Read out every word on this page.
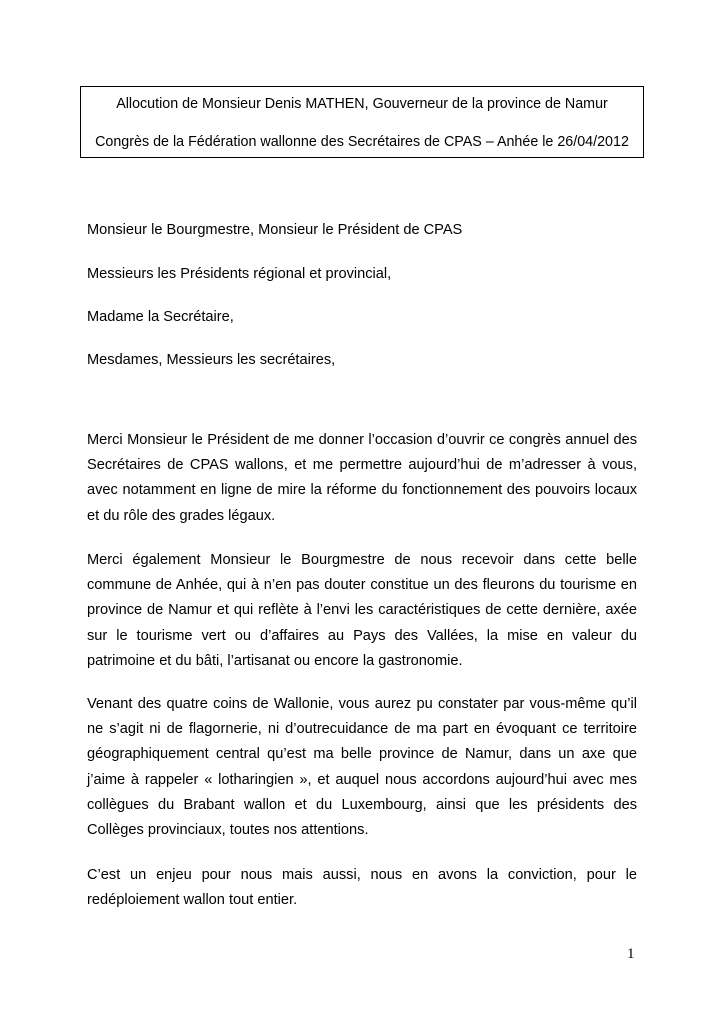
Allocution de Monsieur Denis MATHEN, Gouverneur de la province de Namur
Congrès de la Fédération wallonne des Secrétaires de CPAS – Anhée le 26/04/2012
Monsieur le Bourgmestre, Monsieur le Président de CPAS
Messieurs les Présidents régional et provincial,
Madame la Secrétaire,
Mesdames, Messieurs les secrétaires,

Merci Monsieur le Président de me donner l’occasion d’ouvrir ce congrès annuel des Secrétaires de CPAS wallons, et me permettre aujourd’hui de m’adresser à vous, avec notamment en ligne de mire la réforme du fonctionnement des pouvoirs locaux et du rôle des grades légaux.

Merci également Monsieur le Bourgmestre de nous recevoir dans cette belle commune de Anhée, qui à n’en pas douter constitue un des fleurons du tourisme en province de Namur et qui reflète à l’envi les caractéristiques de cette dernière, axée sur le tourisme vert ou d’affaires au Pays des Vallées, la mise en valeur du patrimoine et du bâti, l’artisanat ou encore la gastronomie.

Venant des quatre coins de Wallonie, vous aurez pu constater par vous-même qu’il ne s’agit ni de flagornerie, ni d’outrecuidance de ma part en évoquant ce territoire géographiquement central qu’est ma belle province de Namur, dans un axe que j’aime à rappeler « lotharingien », et auquel nous accordons aujourd’hui avec mes collègues du Brabant wallon et du Luxembourg, ainsi que les présidents des Collèges provinciaux, toutes nos attentions.

C’est un enjeu pour nous mais aussi, nous en avons la conviction, pour le redéploiement wallon tout entier.

1
